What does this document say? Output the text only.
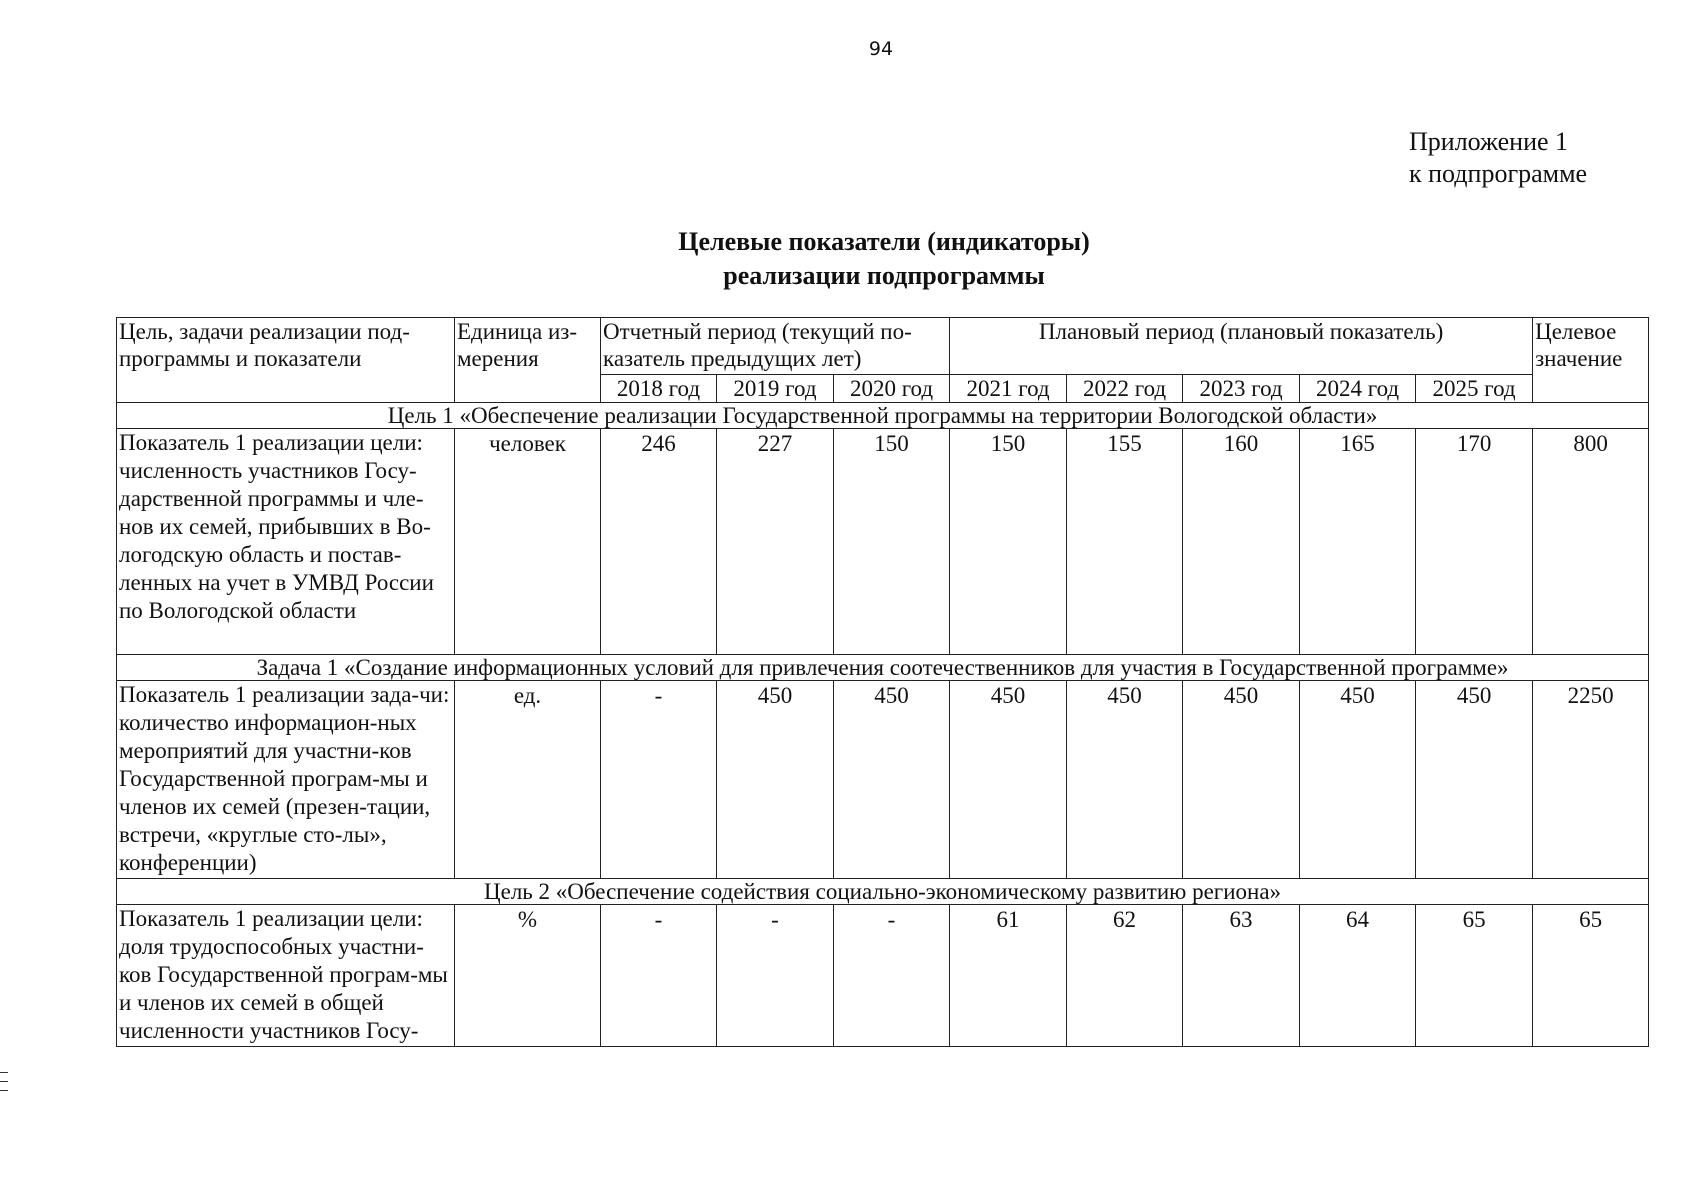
94
Приложение 1
к подпрограмме
Целевые показатели (индикаторы)
реализации подпрограммы
Цель, задачи реализации под-программы и показатели	Единица из-мерения	Отчетный период (текущий по-казатель предыдущих лет)			Плановый период (плановый показатель)					Целевое значение
		2018 год	2019 год	2020 год	2021 год	2022 год	2023 год	2024 год	2025 год	
Цель 1 «Обеспечение реализации Государственной программы на территории Вологодской области»										
Показатель 1 реализации цели: численность участников Госу-дарственной программы и чле-нов их семей, прибывших в Во-логодскую область и постав-ленных на учет в УМВД России по Вологодской области	человек	246	227	150	150	155	160	165	170	800
Задача 1 «Создание информационных условий для привлечения соотечественников для участия в Государственной программе»										
Показатель 1 реализации зада-чи: количество информацион-ных мероприятий для участни-ков Государственной програм-мы и членов их семей (презен-тации, встречи, «круглые сто-лы», конференции)	ед.	-	450	450	450	450	450	450	450	2250
Цель 2 «Обеспечение содействия социально-экономическому развитию региона»										
Показатель 1 реализации цели: доля трудоспособных участни-ков Государственной програм-мы и членов их семей в общей численности участников Госу-	%	-	-	-	61	62	63	64	65	65
